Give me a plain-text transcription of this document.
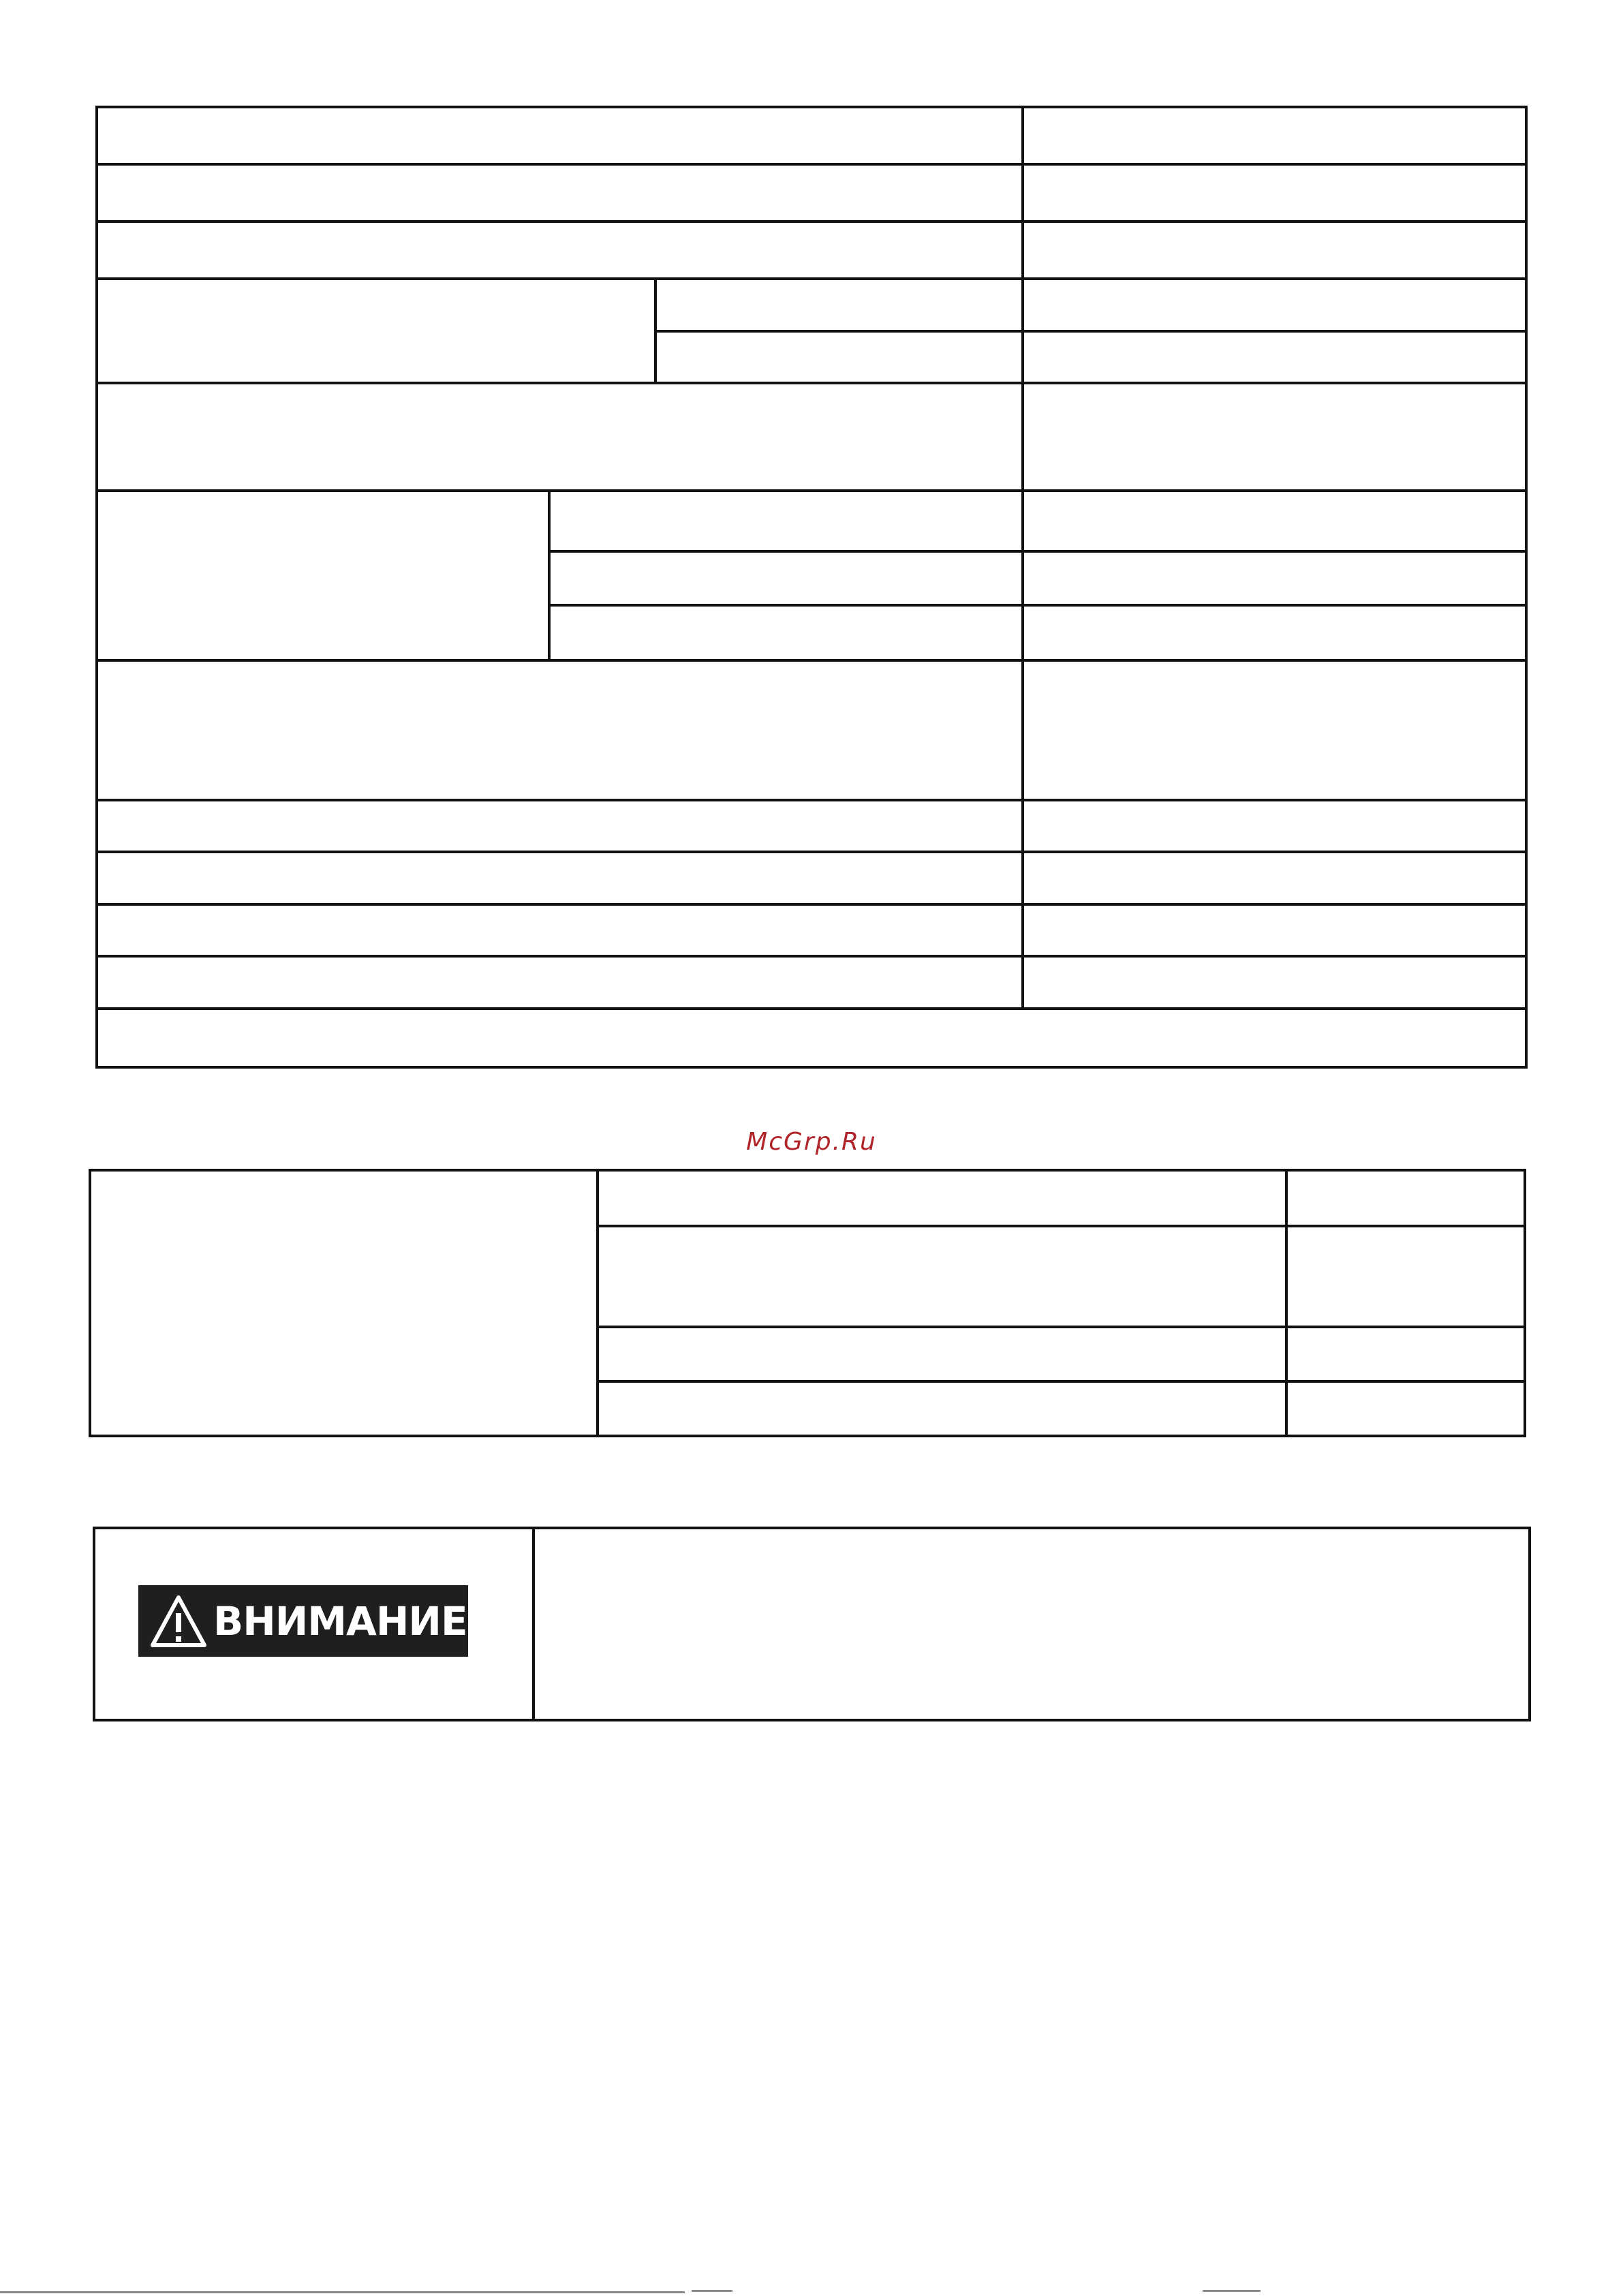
McGrp.Ru
ВНИМАНИЕ
